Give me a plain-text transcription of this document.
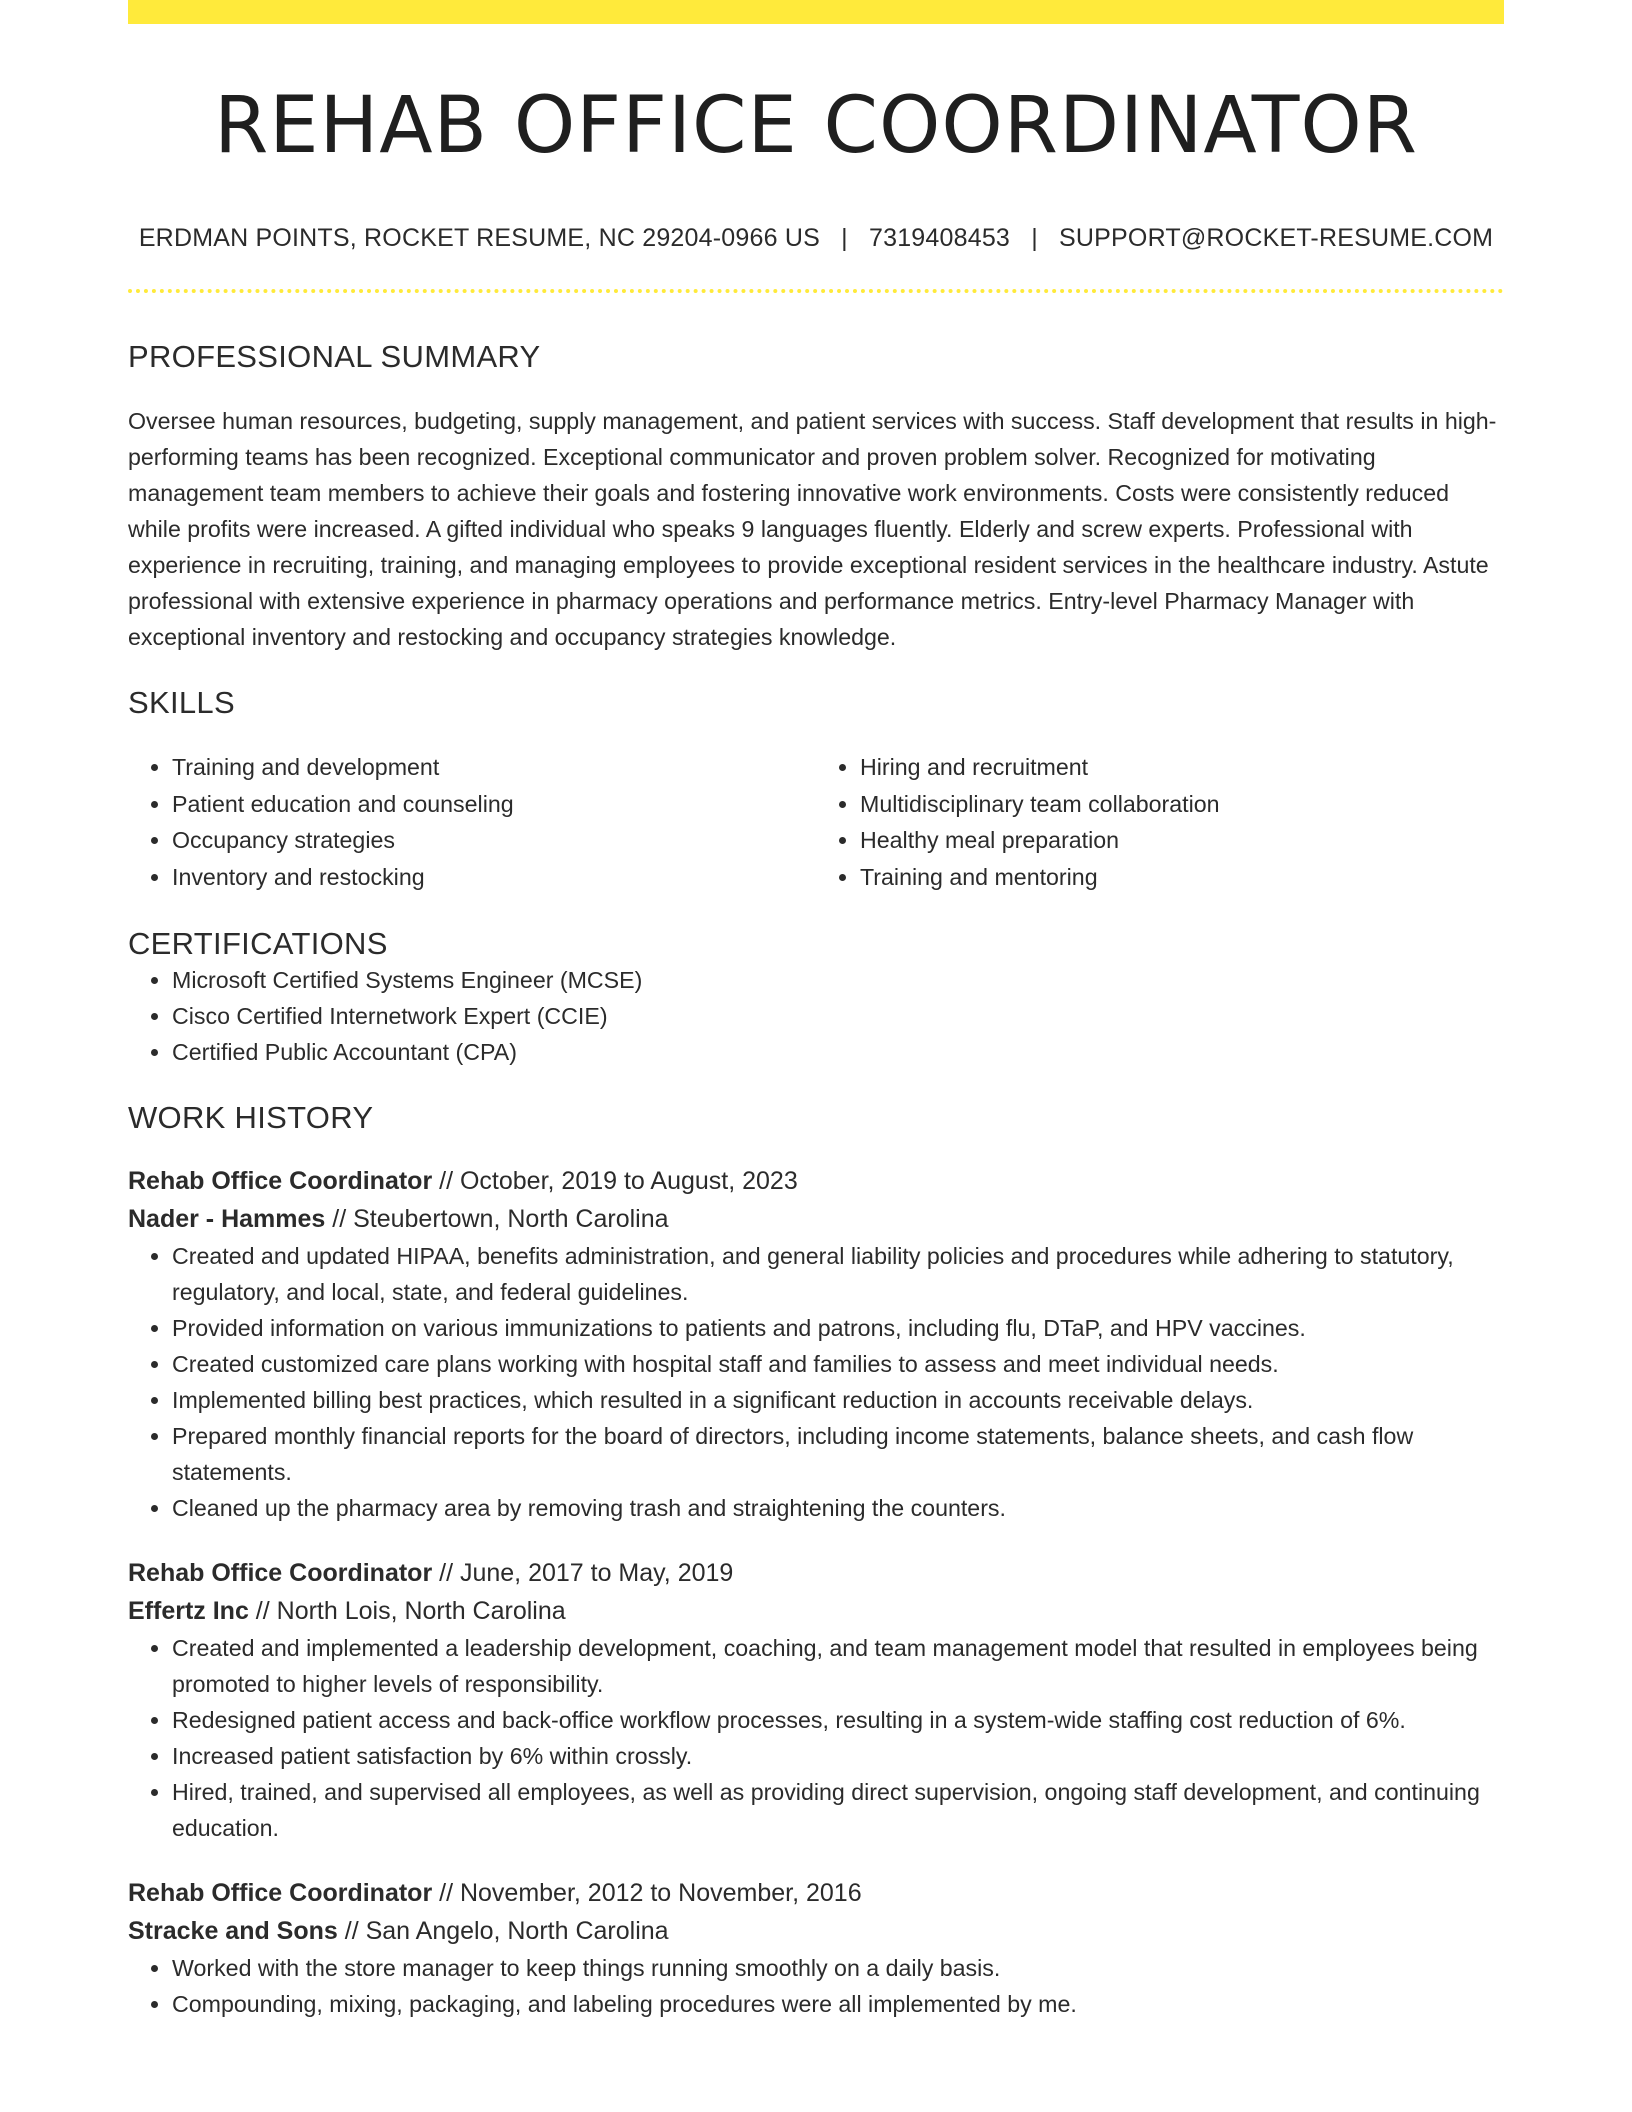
REHAB OFFICE COORDINATOR
ERDMAN POINTS, ROCKET RESUME, NC 29204-0966 US | 7319408453 | SUPPORT@ROCKET-RESUME.COM
PROFESSIONAL SUMMARY
Oversee human resources, budgeting, supply management, and patient services with success. Staff development that results in high-performing teams has been recognized. Exceptional communicator and proven problem solver. Recognized for motivating management team members to achieve their goals and fostering innovative work environments. Costs were consistently reduced while profits were increased. A gifted individual who speaks 9 languages fluently. Elderly and screw experts. Professional with experience in recruiting, training, and managing employees to provide exceptional resident services in the healthcare industry. Astute professional with extensive experience in pharmacy operations and performance metrics. Entry-level Pharmacy Manager with exceptional inventory and restocking and occupancy strategies knowledge.
SKILLS
• Training and development
• Patient education and counseling
• Occupancy strategies
• Inventory and restocking
• Hiring and recruitment
• Multidisciplinary team collaboration
• Healthy meal preparation
• Training and mentoring
CERTIFICATIONS
• Microsoft Certified Systems Engineer (MCSE)
• Cisco Certified Internetwork Expert (CCIE)
• Certified Public Accountant (CPA)
WORK HISTORY
Rehab Office Coordinator // October, 2019 to August, 2023
Nader - Hammes // Steubertown, North Carolina
• Created and updated HIPAA, benefits administration, and general liability policies and procedures while adhering to statutory, regulatory, and local, state, and federal guidelines.
• Provided information on various immunizations to patients and patrons, including flu, DTaP, and HPV vaccines.
• Created customized care plans working with hospital staff and families to assess and meet individual needs.
• Implemented billing best practices, which resulted in a significant reduction in accounts receivable delays.
• Prepared monthly financial reports for the board of directors, including income statements, balance sheets, and cash flow statements.
• Cleaned up the pharmacy area by removing trash and straightening the counters.
Rehab Office Coordinator // June, 2017 to May, 2019
Effertz Inc // North Lois, North Carolina
• Created and implemented a leadership development, coaching, and team management model that resulted in employees being promoted to higher levels of responsibility.
• Redesigned patient access and back-office workflow processes, resulting in a system-wide staffing cost reduction of 6%.
• Increased patient satisfaction by 6% within crossly.
• Hired, trained, and supervised all employees, as well as providing direct supervision, ongoing staff development, and continuing education.
Rehab Office Coordinator // November, 2012 to November, 2016
Stracke and Sons // San Angelo, North Carolina
• Worked with the store manager to keep things running smoothly on a daily basis.
• Compounding, mixing, packaging, and labeling procedures were all implemented by me.
